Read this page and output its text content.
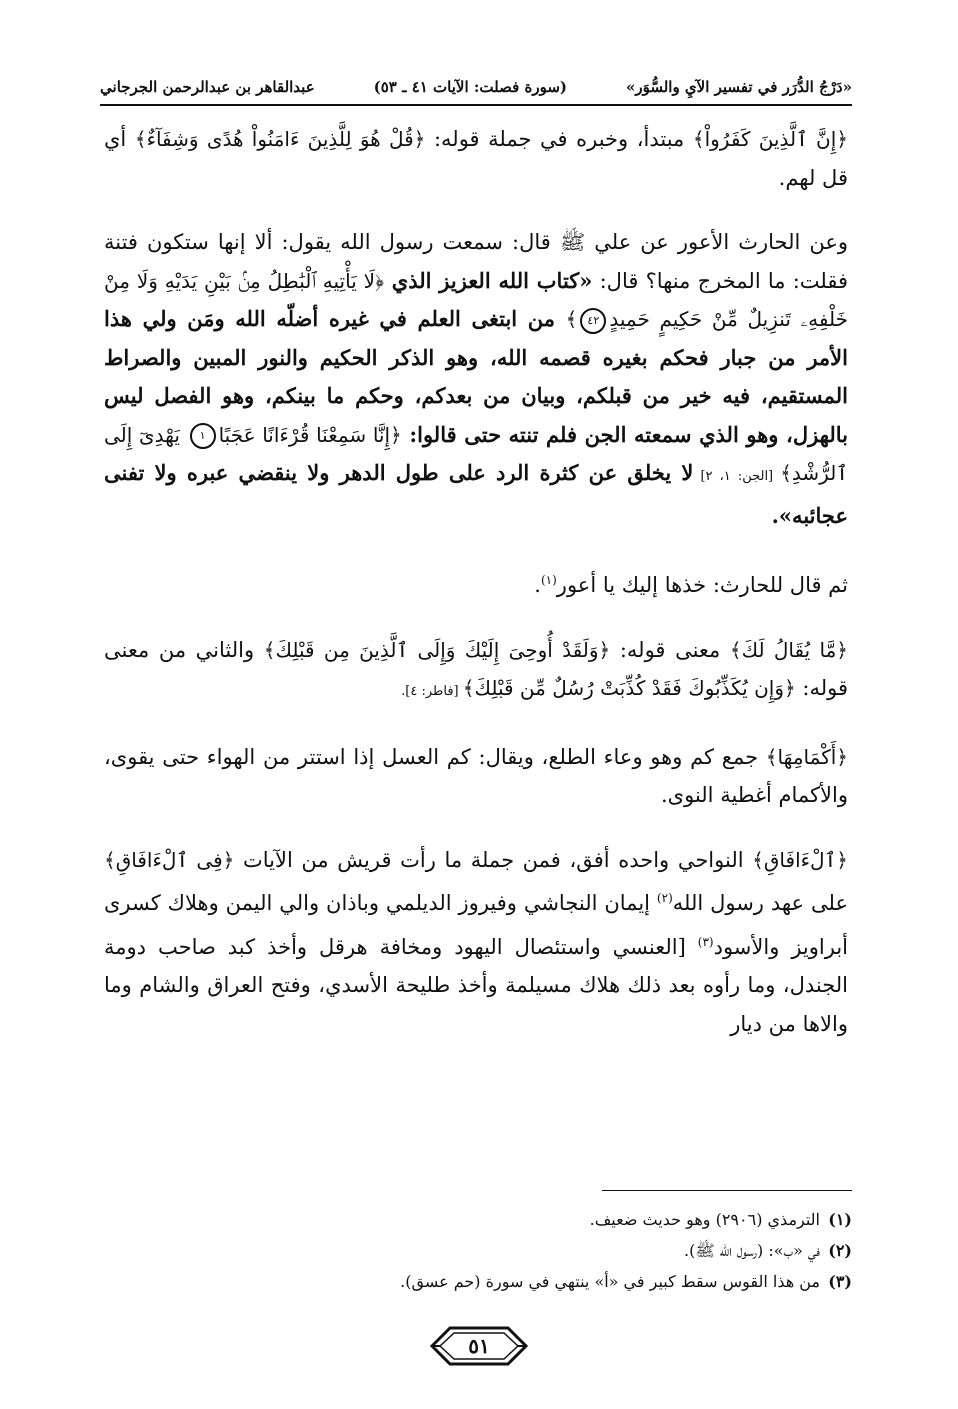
«دَرْجُ الدُّرَر في تفسير الآيِ والسُّوَر»
(سورة فصلت: الآيات ٤١ ـ ٥٣)
عبدالقاهر بن عبدالرحمن الجرجاني

﴿إِنَّ ٱلَّذِينَ كَفَرُواْ﴾ مبتدأ، وخبره في جملة قوله: ﴿قُلْ هُوَ لِلَّذِينَ ءَامَنُواْ هُدًى وَشِفَآءٌ﴾ أي قل لهم.

وعن الحارث الأعور عن علي ﷺ قال: سمعت رسول الله يقول: ألا إنها ستكون فتنة فقلت: ما المخرج منها؟ قال: «كتاب الله العزيز الذي ﴿لَا يَأْتِيهِ ٱلْبَٰطِلُ مِنۢ بَيْنِ يَدَيْهِ وَلَا مِنْ خَلْفِهِۦ تَنزِيلٌ مِّنْ حَكِيمٍ حَمِيدٍ٤٢﴾ من ابتغى العلم في غيره أضلّه الله ومَن ولي هذا الأمر من جبار فحكم بغيره قصمه الله، وهو الذكر الحكيم والنور المبين والصراط المستقيم، فيه خير من قبلكم، وبيان من بعدكم، وحكم ما بينكم، وهو الفصل ليس بالهزل، وهو الذي سمعته الجن فلم تنته حتى قالوا: ﴿إِنَّا سَمِعْنَا قُرْءَانًا عَجَبًا١ يَهْدِىٓ إِلَى ٱلرُّشْدِ﴾ [الجن: ١، ٢] لا يخلق عن كثرة الرد على طول الدهر ولا ينقضي عبره ولا تفنى عجائبه».

ثم قال للحارث: خذها إليك يا أعور$^{(١)}$.

﴿مَّا يُقَالُ لَكَ﴾ معنى قوله: ﴿وَلَقَدْ أُوحِىَ إِلَيْكَ وَإِلَى ٱلَّذِينَ مِن قَبْلِكَ﴾ والثاني من معنى قوله: ﴿وَإِن يُكَذِّبُوكَ فَقَدْ كُذِّبَتْ رُسُلٌ مِّن قَبْلِكَ﴾ [فاطر: ٤].

﴿أَكْمَامِهَا﴾ جمع كم وهو وعاء الطلع، ويقال: كم العسل إذا استتر من الهواء حتى يقوى، والأكمام أغطية النوى.

﴿ٱلْءَافَاقِ﴾ النواحي واحده أفق، فمن جملة ما رأت قريش من الآيات ﴿فِى ٱلْءَافَاقِ﴾ على عهد رسول الله$^{(٢)}$ إيمان النجاشي وفيروز الديلمي وباذان والي اليمن وهلاك كسرى أبراويز والأسود$^{(٣)}$ [العنسي واستئصال اليهود ومخافة هرقل وأخذ كبد صاحب دومة الجندل، وما رأوه بعد ذلك هلاك مسيلمة وأخذ طليحة الأسدي، وفتح العراق والشام وما والاها من ديار

(١)
الترمذي (٢٩٠٦) وهو حديث ضعيف.
(٢)
في «ب»: (رسول الله ﷺ).
(٣)
من هذا القوس سقط كبير في «أ» ينتهي في سورة (حم عسق).
٥١
